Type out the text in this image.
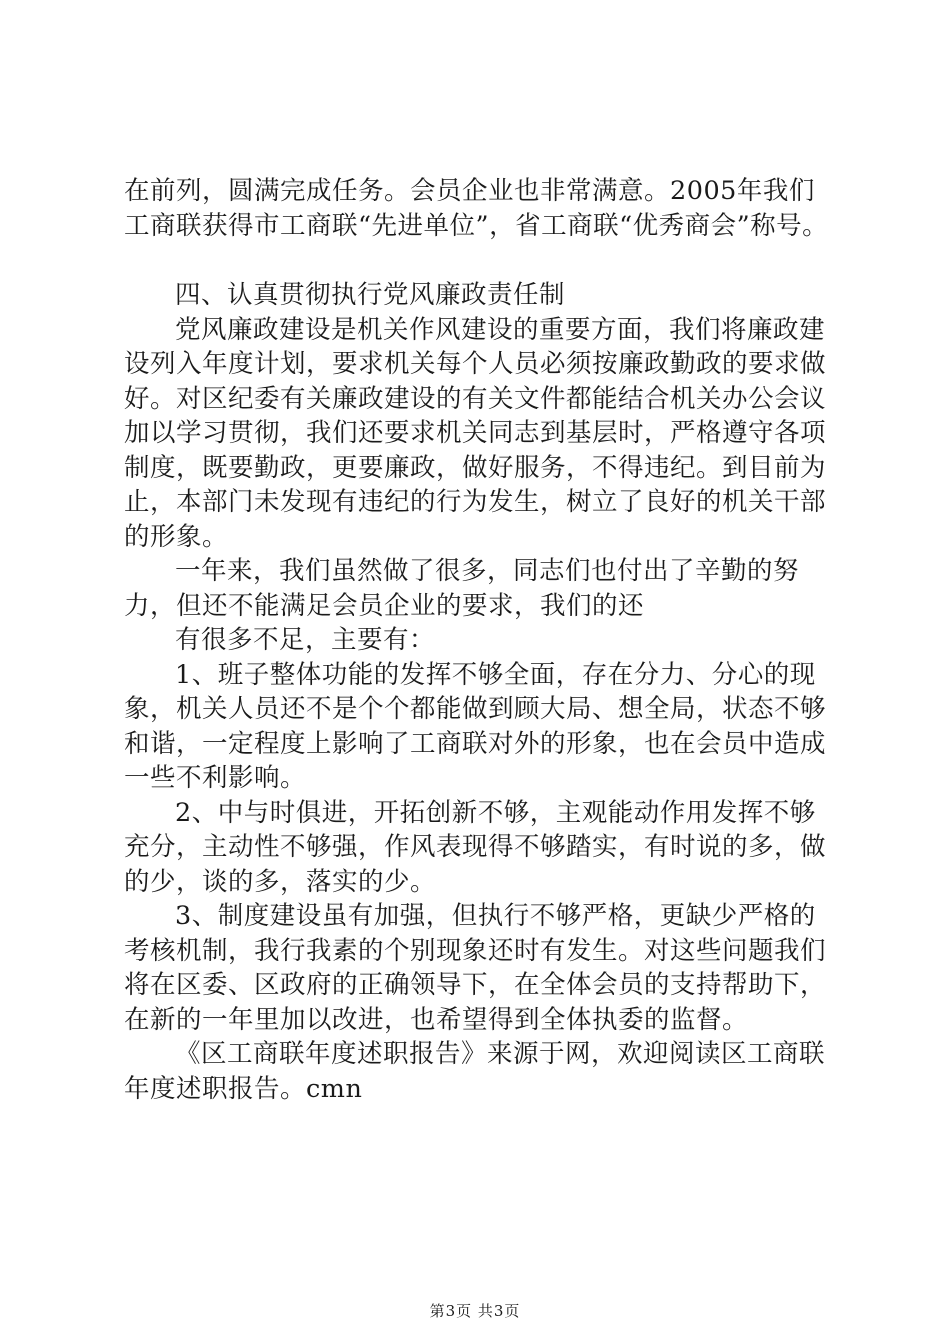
在前列，圆满完成任务。会员企业也非常满意。2005年我们工商联获得市工商联“先进单位”，省工商联“优秀商会”称号。

四、认真贯彻执行党风廉政责任制

党风廉政建设是机关作风建设的重要方面，我们将廉政建设列入年度计划，要求机关每个人员必须按廉政勤政的要求做好。对区纪委有关廉政建设的有关文件都能结合机关办公会议加以学习贯彻，我们还要求机关同志到基层时，严格遵守各项制度，既要勤政，更要廉政，做好服务，不得违纪。到目前为止，本部门未发现有违纪的行为发生，树立了良好的机关干部的形象。

一年来，我们虽然做了很多，同志们也付出了辛勤的努力，但还不能满足会员企业的要求，我们的还

有很多不足，主要有：

1、班子整体功能的发挥不够全面，存在分力、分心的现象，机关人员还不是个个都能做到顾大局、想全局，状态不够和谐，一定程度上影响了工商联对外的形象，也在会员中造成一些不利影响。

2、中与时俱进，开拓创新不够，主观能动作用发挥不够充分，主动性不够强，作风表现得不够踏实，有时说的多，做的少，谈的多，落实的少。

3、制度建设虽有加强，但执行不够严格，更缺少严格的考核机制，我行我素的个别现象还时有发生。对这些问题我们将在区委、区政府的正确领导下，在全体会员的支持帮助下，在新的一年里加以改进，也希望得到全体执委的监督。

《区工商联年度述职报告》来源于网，欢迎阅读区工商联年度述职报告。cmn

第3页 共3页
